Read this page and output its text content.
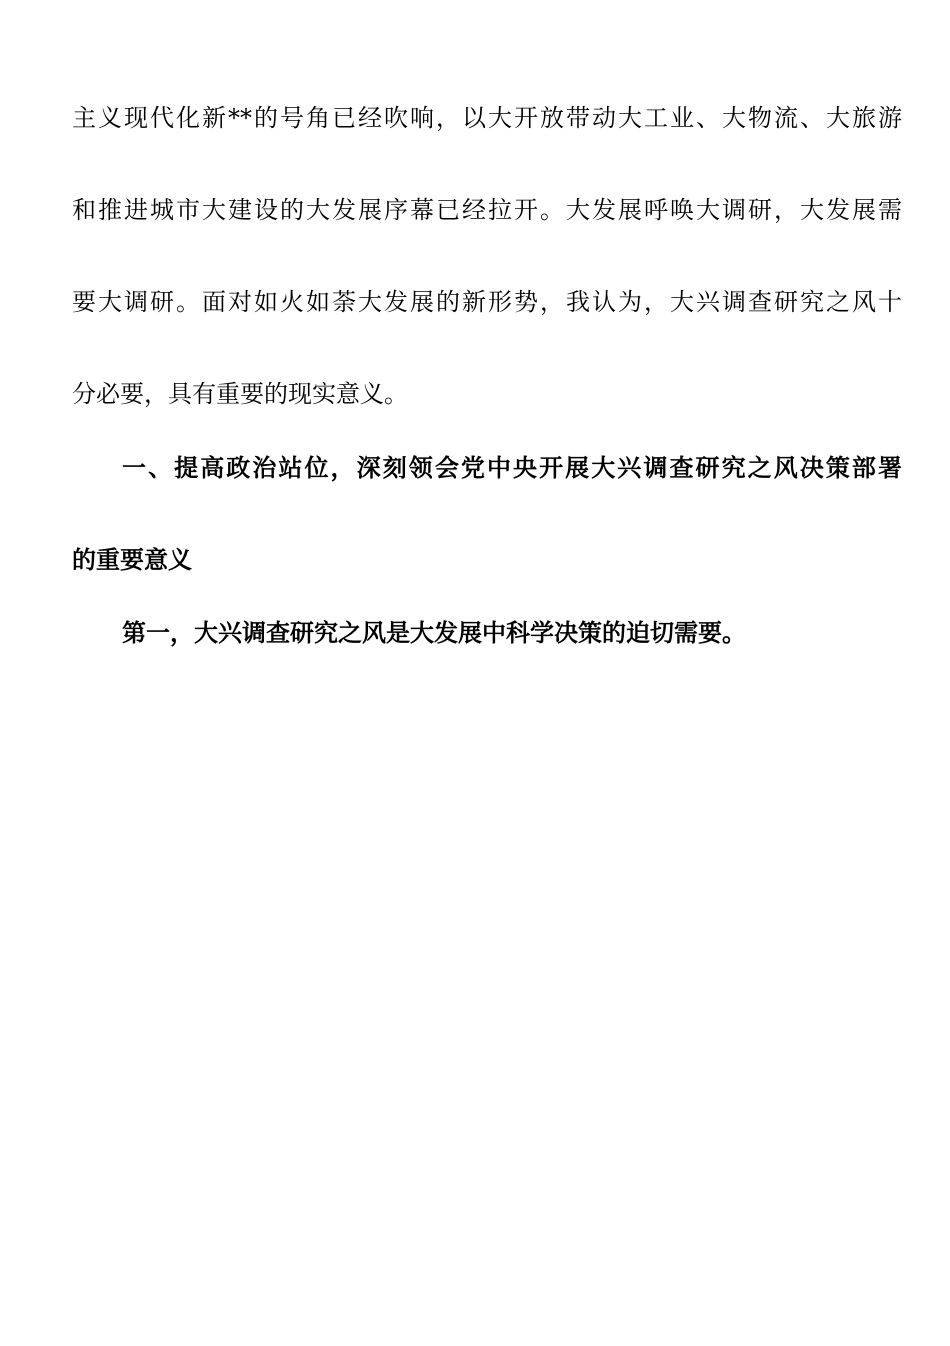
主义现代化新**的号角已经吹响，以大开放带动大工业、大物流、大旅游
和推进城市大建设的大发展序幕已经拉开。大发展呼唤大调研，大发展需
要大调研。面对如火如荼大发展的新形势，我认为，大兴调查研究之风十
分必要，具有重要的现实意义。
一、提高政治站位，深刻领会党中央开展大兴调查研究之风决策部署
的重要意义
第一，大兴调查研究之风是大发展中科学决策的迫切需要。
